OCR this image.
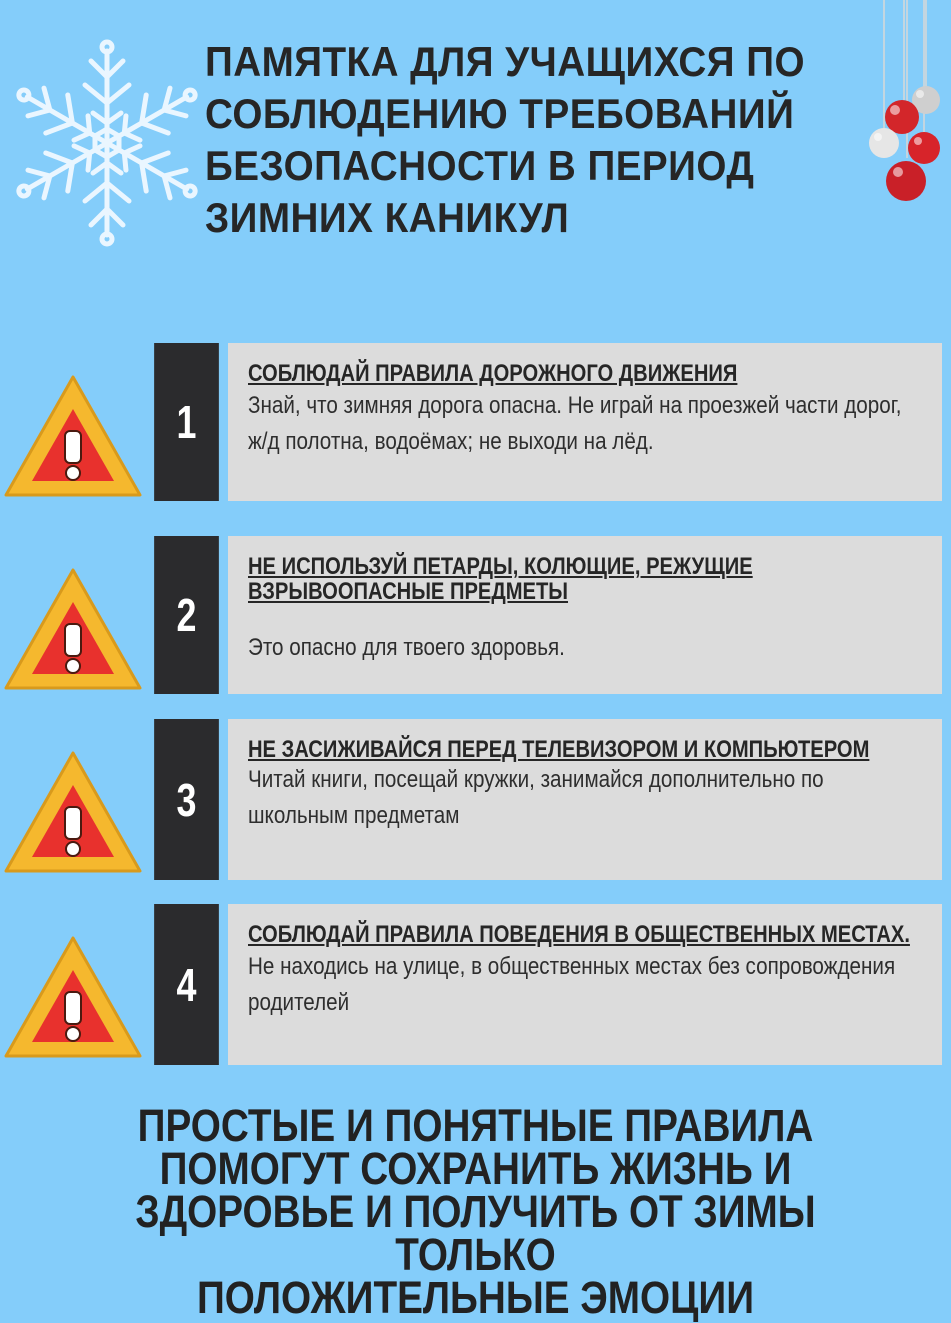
ПАМЯТКА ДЛЯ УЧАЩИХСЯ ПО
СОБЛЮДЕНИЮ ТРЕБОВАНИЙ
БЕЗОПАСНОСТИ В ПЕРИОД
ЗИМНИХ КАНИКУЛ
1

СОБЛЮДАЙ ПРАВИЛА ДОРОЖНОГО ДВИЖЕНИЯ

Знай, что зимняя дорога опасна. Не играй на проезжей части дорог, ж/д полотна, водоёмах; не выходи на лёд.

2

НЕ ИСПОЛЬЗУЙ ПЕТАРДЫ, КОЛЮЩИЕ, РЕЖУЩИЕ ВЗРЫВООПАСНЫЕ ПРЕДМЕТЫ

Это опасно для твоего здоровья.

3

НЕ ЗАСИЖИВАЙСЯ ПЕРЕД ТЕЛЕВИЗОРОМ И КОМПЬЮТЕРОМ

Читай книги, посещай кружки, занимайся дополнительно по школьным предметам

4

СОБЛЮДАЙ ПРАВИЛА ПОВЕДЕНИЯ В ОБЩЕСТВЕННЫХ МЕСТАХ.

Не находись на улице, в общественных местах без сопровождения родителей

ПРОСТЫЕ И ПОНЯТНЫЕ ПРАВИЛА
ПОМОГУТ СОХРАНИТЬ ЖИЗНЬ И
ЗДОРОВЬЕ И ПОЛУЧИТЬ ОТ ЗИМЫ ТОЛЬКО
ПОЛОЖИТЕЛЬНЫЕ ЭМОЦИИ
